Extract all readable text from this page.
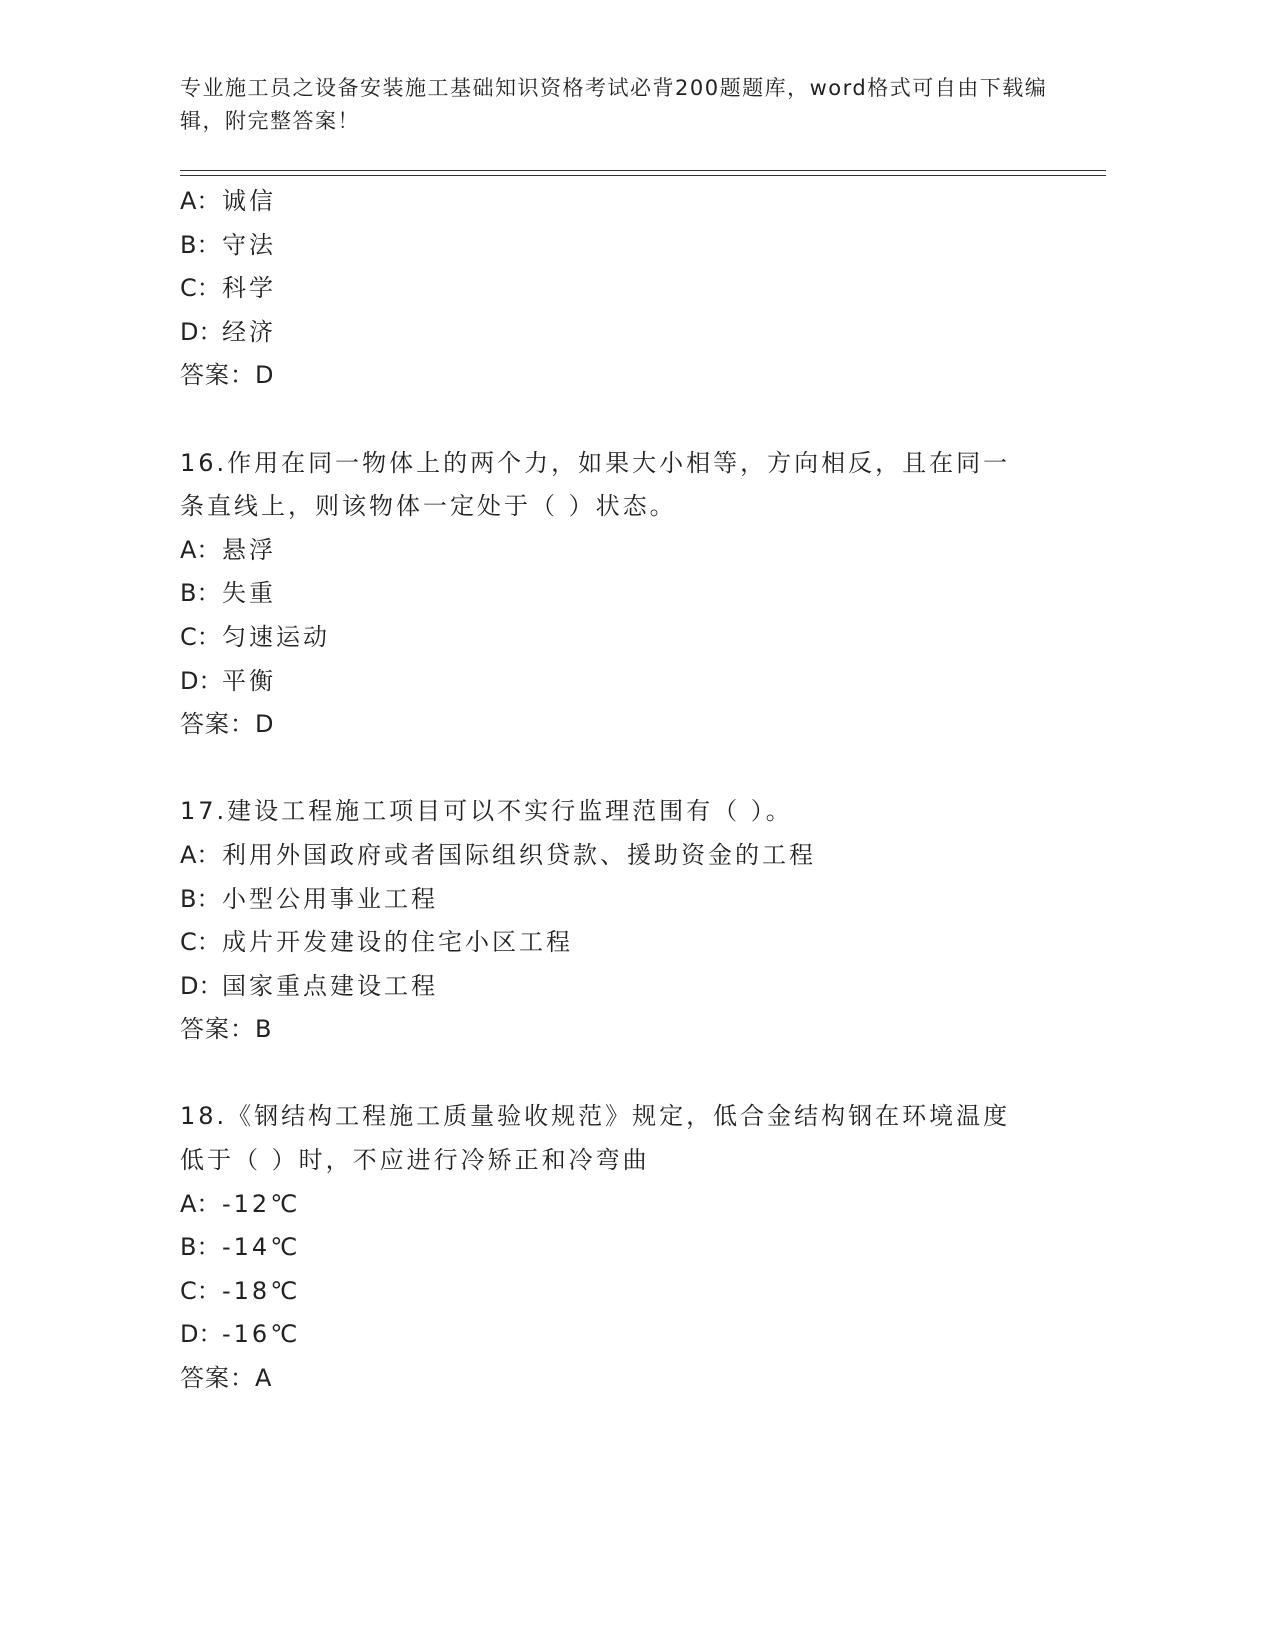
专业施工员之设备安装施工基础知识资格考试必背200题题库，word格式可自由下载编辑，附完整答案！
A：诚信
B：守法
C：科学
D：经济
答案：D
16.作用在同一物体上的两个力，如果大小相等，方向相反，且在同一条直线上，则该物体一定处于（ ）状态。
A：悬浮
B：失重
C：匀速运动
D：平衡
答案：D
17.建设工程施工项目可以不实行监理范围有（ ）。
A：利用外国政府或者国际组织贷款、援助资金的工程
B：小型公用事业工程
C：成片开发建设的住宅小区工程
D：国家重点建设工程
答案：B
18.《钢结构工程施工质量验收规范》规定，低合金结构钢在环境温度低于（ ）时，不应进行冷矫正和冷弯曲
A：-12℃
B：-14℃
C：-18℃
D：-16℃
答案：A
